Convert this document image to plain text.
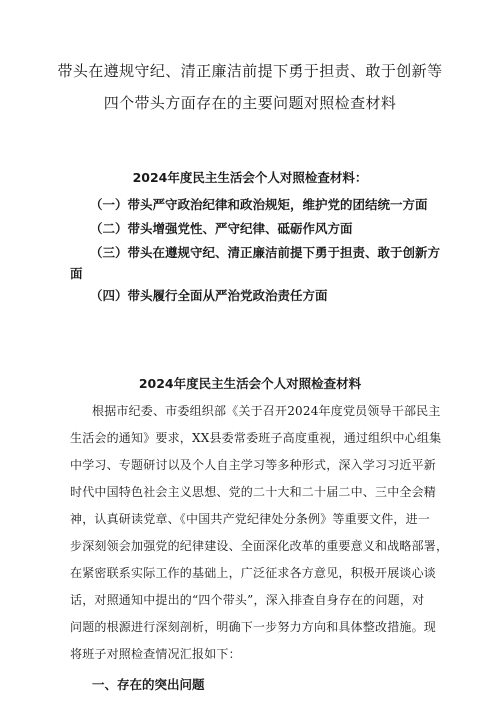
带头在遵规守纪、清正廉洁前提下勇于担责、敢于创新等
四个带头方面存在的主要问题对照检查材料
2024年度民主生活会个人对照检查材料：
（一）带头严守政治纪律和政治规矩，维护党的团结统一方面
（二）带头增强党性、严守纪律、砥砺作风方面
（三）带头在遵规守纪、清正廉洁前提下勇于担责、敢于创新方
面
（四）带头履行全面从严治党政治责任方面
2024年度民主生活会个人对照检查材料
根据市纪委、市委组织部《关于召开2024年度党员领导干部民主
生活会的通知》要求，XX县委常委班子高度重视，通过组织中心组集
中学习、专题研讨以及个人自主学习等多种形式，深入学习习近平新
时代中国特色社会主义思想、党的二十大和二十届二中、三中全会精
神，认真研读党章、《中国共产党纪律处分条例》等重要文件，进一
步深刻领会加强党的纪律建设、全面深化改革的重要意义和战略部署，
在紧密联系实际工作的基础上，广泛征求各方意见，积极开展谈心谈
话，对照通知中提出的“四个带头”，深入排查自身存在的问题，对
问题的根源进行深刻剖析，明确下一步努力方向和具体整改措施。现
将班子对照检查情况汇报如下：
一、存在的突出问题
